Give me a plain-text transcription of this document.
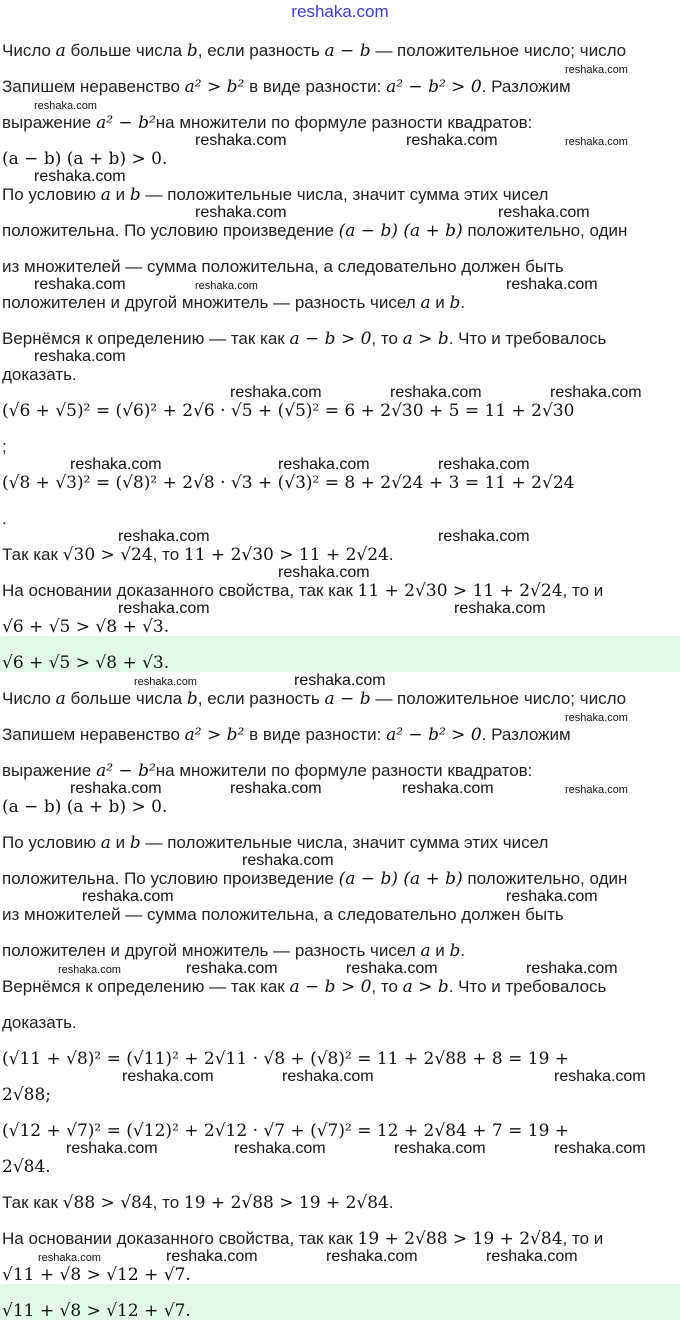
reshaka.com
Число a больше числа b, если разность a − b — положительное число; число
reshaka.com
Запишем неравенство a² > b² в виде разности: a² − b² > 0. Разложим
reshaka.com
выражение a² − b²на множители по формуле разности квадратов:
reshaka.com	reshaka.com	reshaka.com
(a − b) (a + b) > 0.
reshaka.com
По условию a и b — положительные числа, значит сумма этих чисел
reshaka.com	reshaka.com
положительна. По условию произведение (a − b) (a + b) положительно, один
из множителей — сумма положительна, а следовательно должен быть
reshaka.com	reshaka.com	reshaka.com
положителен и другой множитель — разность чисел a и b.
Вернёмся к определению — так как a − b > 0, то a > b. Что и требовалось
reshaka.com
доказать.
reshaka.com	reshaka.com	reshaka.com
(√6 + √5)² = (√6)² + 2√6 · √5 + (√5)² = 6 + 2√30 + 5 = 11 + 2√30
;
reshaka.com	reshaka.com	reshaka.com
(√8 + √3)² = (√8)² + 2√8 · √3 + (√3)² = 8 + 2√24 + 3 = 11 + 2√24
.
reshaka.com	reshaka.com
Так как √30 > √24, то 11 + 2√30 > 11 + 2√24.
reshaka.com
На основании доказанного свойства, так как 11 + 2√30 > 11 + 2√24, то и
reshaka.com	reshaka.com
√6 + √5 > √8 + √3.
√6 + √5 > √8 + √3.
reshaka.com	reshaka.com
Число a больше числа b, если разность a − b — положительное число; число
reshaka.com
Запишем неравенство a² > b² в виде разности: a² − b² > 0. Разложим
выражение a² − b²на множители по формуле разности квадратов:
reshaka.com	reshaka.com	reshaka.com	reshaka.com
(a − b) (a + b) > 0.
По условию a и b — положительные числа, значит сумма этих чисел
reshaka.com
положительна. По условию произведение (a − b) (a + b) положительно, один
reshaka.com	reshaka.com
из множителей — сумма положительна, а следовательно должен быть
положителен и другой множитель — разность чисел a и b.
reshaka.com	reshaka.com	reshaka.com	reshaka.com
Вернёмся к определению — так как a − b > 0, то a > b. Что и требовалось
доказать.
(√11 + √8)² = (√11)² + 2√11 · √8 + (√8)² = 11 + 2√88 + 8 = 19 +
reshaka.com	reshaka.com	reshaka.com
2√88;
(√12 + √7)² = (√12)² + 2√12 · √7 + (√7)² = 12 + 2√84 + 7 = 19 +
reshaka.com	reshaka.com	reshaka.com	reshaka.com
2√84.
Так как √88 > √84, то 19 + 2√88 > 19 + 2√84.
На основании доказанного свойства, так как 19 + 2√88 > 19 + 2√84, то и
reshaka.com	reshaka.com	reshaka.com	reshaka.com
√11 + √8 > √12 + √7.
√11 + √8 > √12 + √7.
